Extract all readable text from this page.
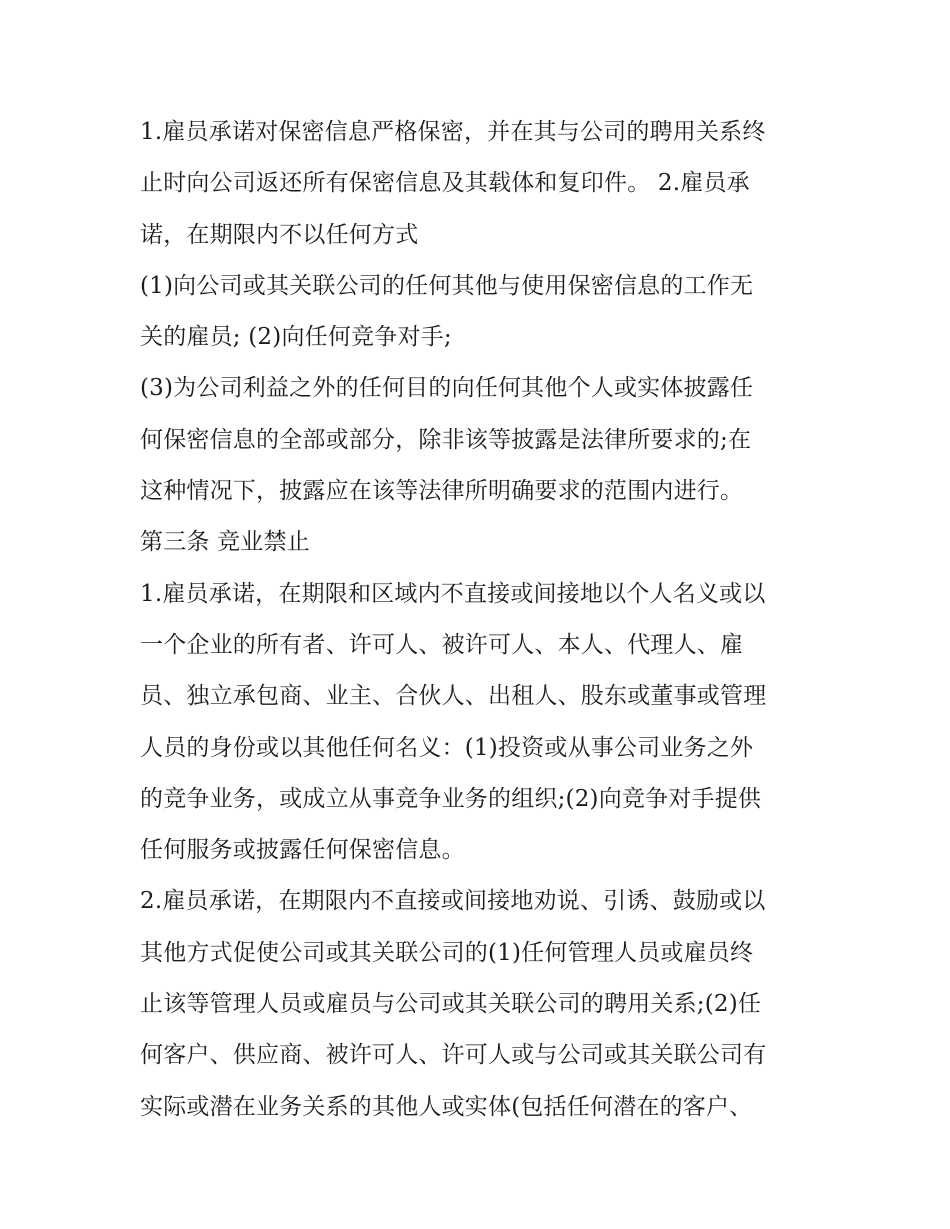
1.雇员承诺对保密信息严格保密，并在其与公司的聘用关系终
止时向公司返还所有保密信息及其载体和复印件。 2.雇员承
诺，在期限内不以任何方式
(1)向公司或其关联公司的任何其他与使用保密信息的工作无
关的雇员; (2)向任何竞争对手;
(3)为公司利益之外的任何目的向任何其他个人或实体披露任
何保密信息的全部或部分，除非该等披露是法律所要求的;在
这种情况下，披露应在该等法律所明确要求的范围内进行。
第三条 竞业禁止
1.雇员承诺，在期限和区域内不直接或间接地以个人名义或以
一个企业的所有者、许可人、被许可人、本人、代理人、雇
员、独立承包商、业主、合伙人、出租人、股东或董事或管理
人员的身份或以其他任何名义：(1)投资或从事公司业务之外
的竞争业务，或成立从事竞争业务的组织;(2)向竞争对手提供
任何服务或披露任何保密信息。
2.雇员承诺，在期限内不直接或间接地劝说、引诱、鼓励或以
其他方式促使公司或其关联公司的(1)任何管理人员或雇员终
止该等管理人员或雇员与公司或其关联公司的聘用关系;(2)任
何客户、供应商、被许可人、许可人或与公司或其关联公司有
实际或潜在业务关系的其他人或实体(包括任何潜在的客户、
